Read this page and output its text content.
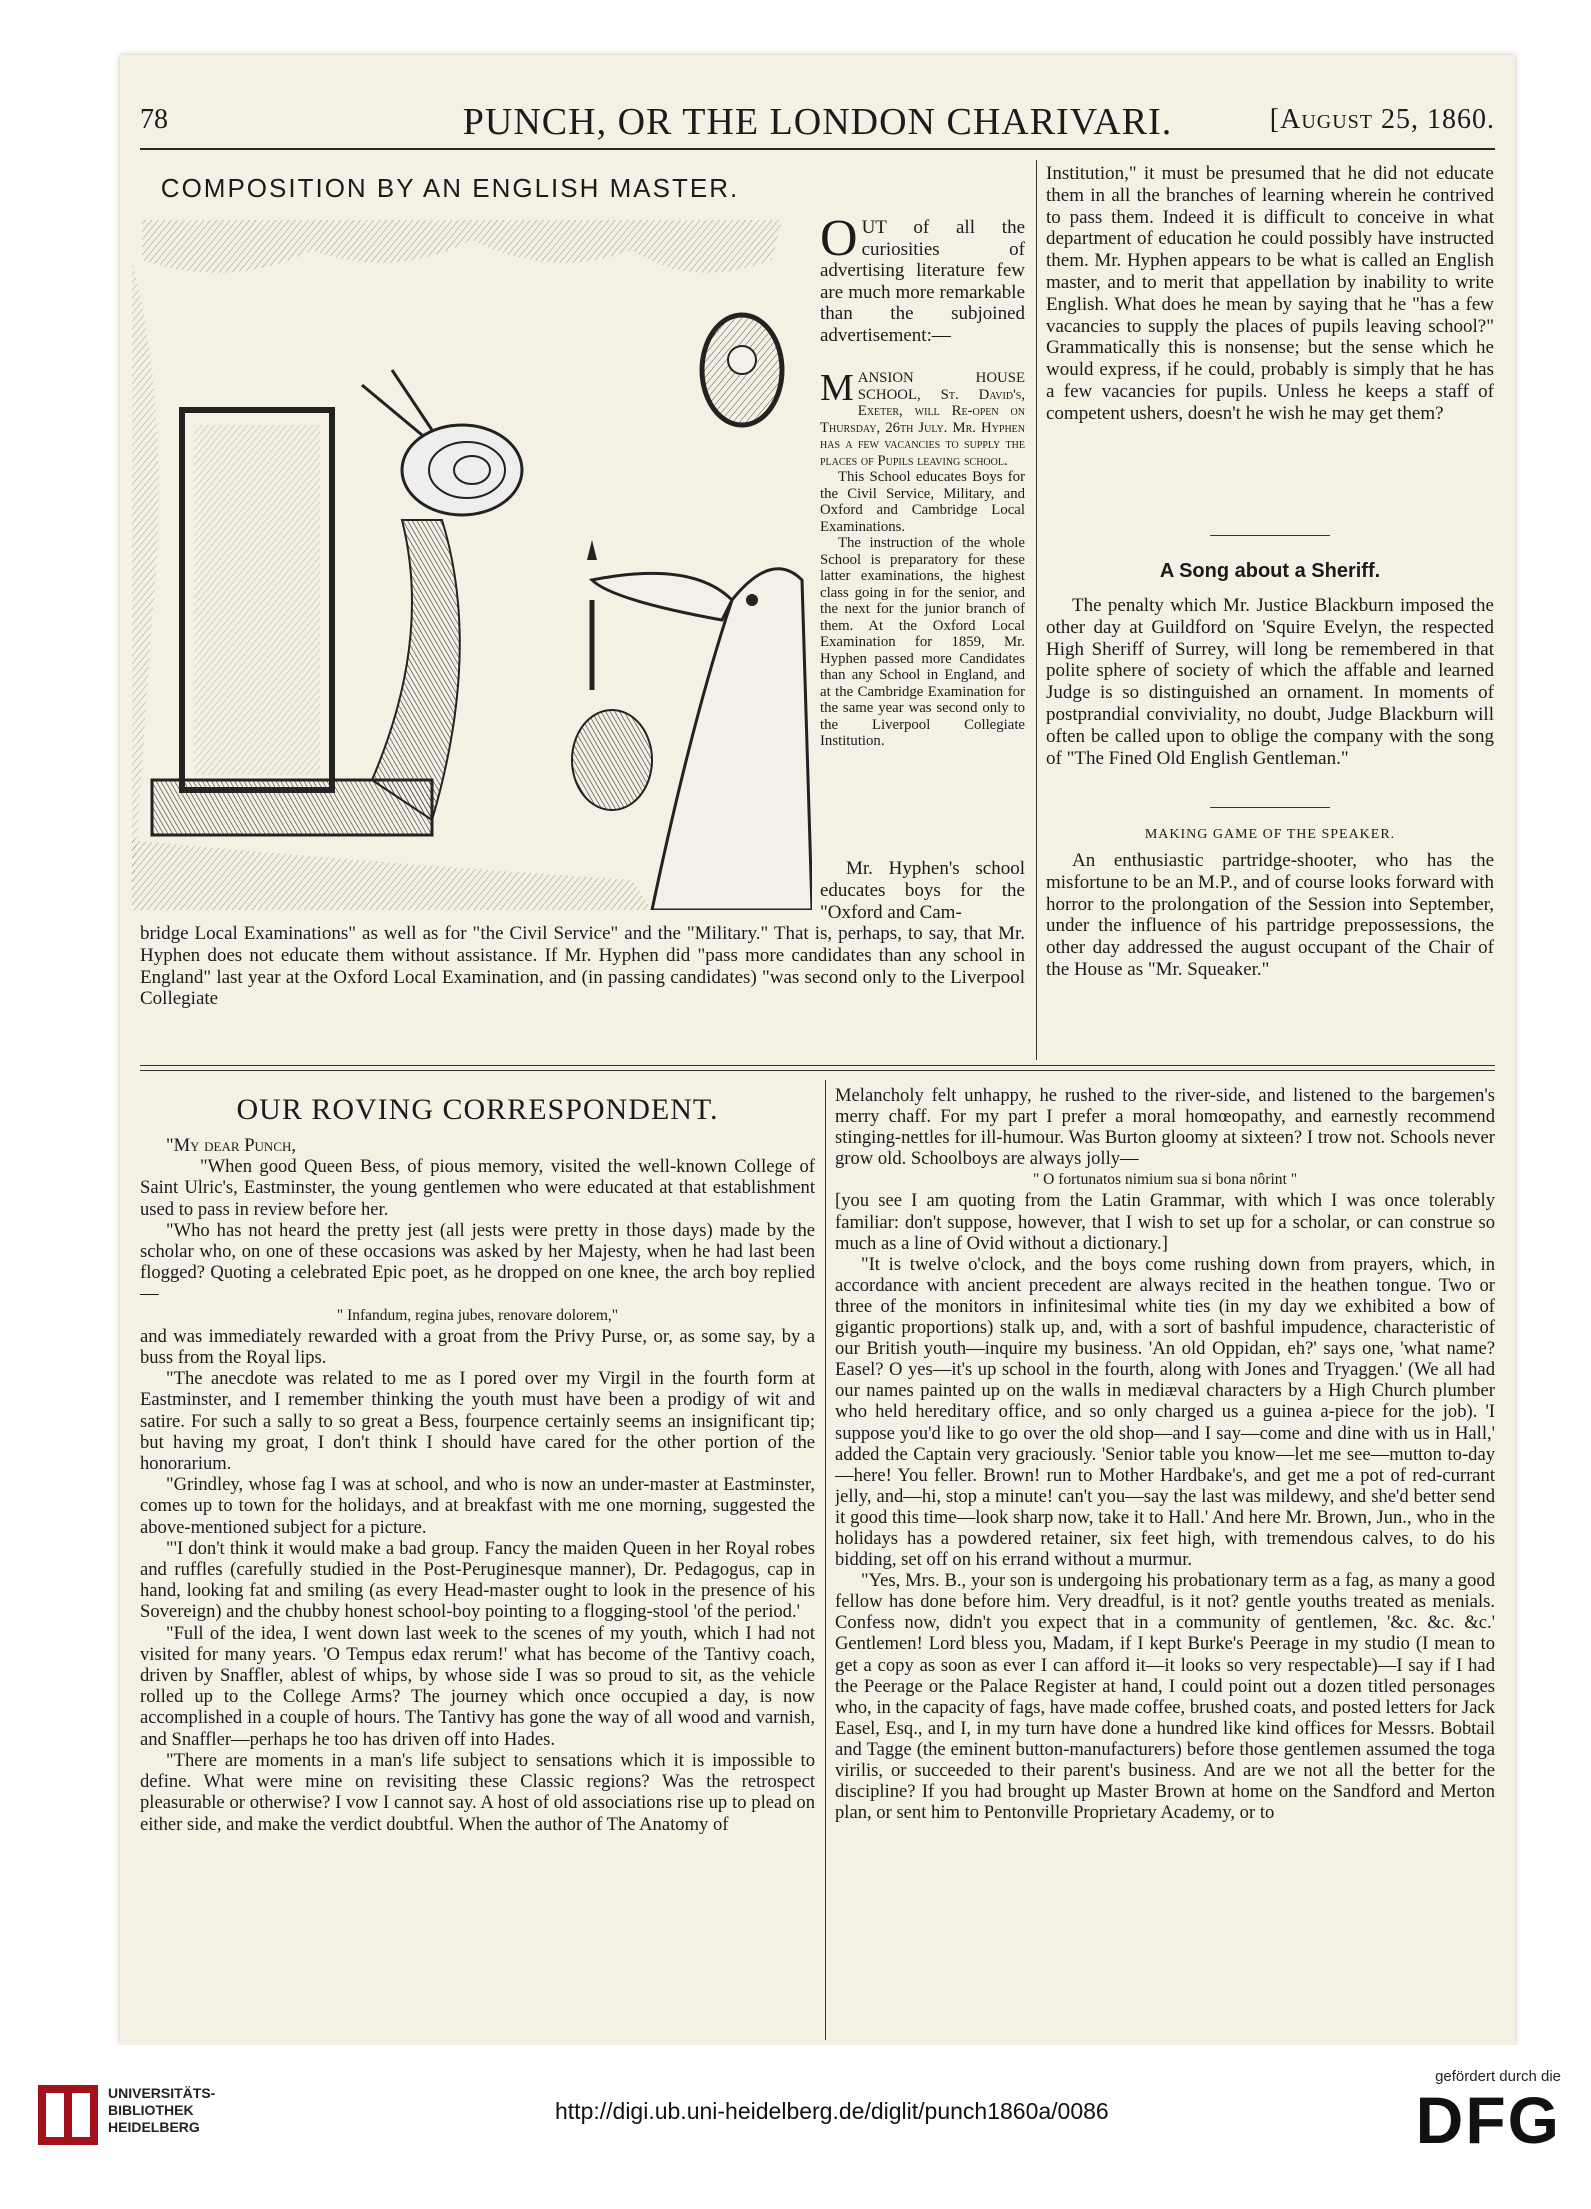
78	PUNCH, OR THE LONDON CHARIVARI.	[August 25, 1860.
COMPOSITION BY AN ENGLISH MASTER.

OUT of all the curiosities of advertising literature few are much more remarkable than the subjoined advertisement:—

MANSION HOUSE SCHOOL, St. David's, Exeter, will Re-open on Thursday, 26th July. Mr. Hyphen has a few vacancies to supply the places of Pupils leaving school.

This School educates Boys for the Civil Service, Military, and Oxford and Cambridge Local Examinations.

The instruction of the whole School is preparatory for these latter examinations, the highest class going in for the senior, and the next for the junior branch of them. At the Oxford Local Examination for 1859, Mr. Hyphen passed more Candidates than any School in England, and at the Cambridge Examination for the same year was second only to the Liverpool Collegiate Institution.

Mr. Hyphen's school educates boys for the "Oxford and Cam-

bridge Local Examinations" as well as for "the Civil Service" and the "Military." That is, perhaps, to say, that Mr. Hyphen does not educate them without assistance. If Mr. Hyphen did "pass more candidates than any school in England" last year at the Oxford Local Examination, and (in passing candidates) "was second only to the Liverpool Collegiate

Institution," it must be presumed that he did not educate them in all the branches of learning wherein he contrived to pass them. Indeed it is difficult to conceive in what department of education he could possibly have instructed them. Mr. Hyphen appears to be what is called an English master, and to merit that appellation by inability to write English. What does he mean by saying that he "has a few vacancies to supply the places of pupils leaving school?" Grammatically this is nonsense; but the sense which he would express, if he could, probably is simply that he has a few vacancies for pupils. Unless he keeps a staff of competent ushers, doesn't he wish he may get them?

A Song about a Sheriff.

The penalty which Mr. Justice Blackburn imposed the other day at Guildford on 'Squire Evelyn, the respected High Sheriff of Surrey, will long be remembered in that polite sphere of society of which the affable and learned Judge is so distinguished an ornament. In moments of postprandial conviviality, no doubt, Judge Blackburn will often be called upon to oblige the company with the song of "The Fined Old English Gentleman."

MAKING GAME OF THE SPEAKER.

An enthusiastic partridge-shooter, who has the misfortune to be an M.P., and of course looks forward with horror to the prolongation of the Session into September, under the influence of his partridge prepossessions, the other day addressed the august occupant of the Chair of the House as "Mr. Squeaker."

OUR ROVING CORRESPONDENT.

"My dear Punch,

"When good Queen Bess, of pious memory, visited the well-known College of Saint Ulric's, Eastminster, the young gentlemen who were educated at that establishment used to pass in review before her.

"Who has not heard the pretty jest (all jests were pretty in those days) made by the scholar who, on one of these occasions was asked by her Majesty, when he had last been flogged? Quoting a celebrated Epic poet, as he dropped on one knee, the arch boy replied—

" Infandum, regina jubes, renovare dolorem,"

and was immediately rewarded with a groat from the Privy Purse, or, as some say, by a buss from the Royal lips.

"The anecdote was related to me as I pored over my Virgil in the fourth form at Eastminster, and I remember thinking the youth must have been a prodigy of wit and satire. For such a sally to so great a Bess, fourpence certainly seems an insignificant tip; but having my groat, I don't think I should have cared for the other portion of the honorarium.

"Grindley, whose fag I was at school, and who is now an under-master at Eastminster, comes up to town for the holidays, and at breakfast with me one morning, suggested the above-mentioned subject for a picture.

"'I don't think it would make a bad group. Fancy the maiden Queen in her Royal robes and ruffles (carefully studied in the Post-Peruginesque manner), Dr. Pedagogus, cap in hand, looking fat and smiling (as every Head-master ought to look in the presence of his Sovereign) and the chubby honest school-boy pointing to a flogging-stool 'of the period.'

"Full of the idea, I went down last week to the scenes of my youth, which I had not visited for many years. 'O Tempus edax rerum!' what has become of the Tantivy coach, driven by Snaffler, ablest of whips, by whose side I was so proud to sit, as the vehicle rolled up to the College Arms? The journey which once occupied a day, is now accomplished in a couple of hours. The Tantivy has gone the way of all wood and varnish, and Snaffler—perhaps he too has driven off into Hades.

"There are moments in a man's life subject to sensations which it is impossible to define. What were mine on revisiting these Classic regions? Was the retrospect pleasurable or otherwise? I vow I cannot say. A host of old associations rise up to plead on either side, and make the verdict doubtful. When the author of The Anatomy of

Melancholy felt unhappy, he rushed to the river-side, and listened to the bargemen's merry chaff. For my part I prefer a moral homœopathy, and earnestly recommend stinging-nettles for ill-humour. Was Burton gloomy at sixteen? I trow not. Schools never grow old. Schoolboys are always jolly—

" O fortunatos nimium sua si bona nôrint "

[you see I am quoting from the Latin Grammar, with which I was once tolerably familiar: don't suppose, however, that I wish to set up for a scholar, or can construe so much as a line of Ovid without a dictionary.]

"It is twelve o'clock, and the boys come rushing down from prayers, which, in accordance with ancient precedent are always recited in the heathen tongue. Two or three of the monitors in infinitesimal white ties (in my day we exhibited a bow of gigantic proportions) stalk up, and, with a sort of bashful impudence, characteristic of our British youth—inquire my business. 'An old Oppidan, eh?' says one, 'what name? Easel? O yes—it's up school in the fourth, along with Jones and Tryaggen.' (We all had our names painted up on the walls in mediæval characters by a High Church plumber who held hereditary office, and so only charged us a guinea a-piece for the job). 'I suppose you'd like to go over the old shop—and I say—come and dine with us in Hall,' added the Captain very graciously. 'Senior table you know—let me see—mutton to-day—here! You feller. Brown! run to Mother Hardbake's, and get me a pot of red-currant jelly, and—hi, stop a minute! can't you—say the last was mildewy, and she'd better send it good this time—look sharp now, take it to Hall.' And here Mr. Brown, Jun., who in the holidays has a powdered retainer, six feet high, with tremendous calves, to do his bidding, set off on his errand without a murmur.

"Yes, Mrs. B., your son is undergoing his probationary term as a fag, as many a good fellow has done before him. Very dreadful, is it not? gentle youths treated as menials. Confess now, didn't you expect that in a community of gentlemen, '&c. &c. &c.' Gentlemen! Lord bless you, Madam, if I kept Burke's Peerage in my studio (I mean to get a copy as soon as ever I can afford it—it looks so very respectable)—I say if I had the Peerage or the Palace Register at hand, I could point out a dozen titled personages who, in the capacity of fags, have made coffee, brushed coats, and posted letters for Jack Easel, Esq., and I, in my turn have done a hundred like kind offices for Messrs. Bobtail and Tagge (the eminent button-manufacturers) before those gentlemen assumed the toga virilis, or succeeded to their parent's business. And are we not all the better for the discipline? If you had brought up Master Brown at home on the Sandford and Merton plan, or sent him to Pentonville Proprietary Academy, or to

UNIVERSITÄTS-
BIBLIOTHEK
HEIDELBERG
http://digi.ub.uni-heidelberg.de/diglit/punch1860a/0086
gefördert durch die
DFG
